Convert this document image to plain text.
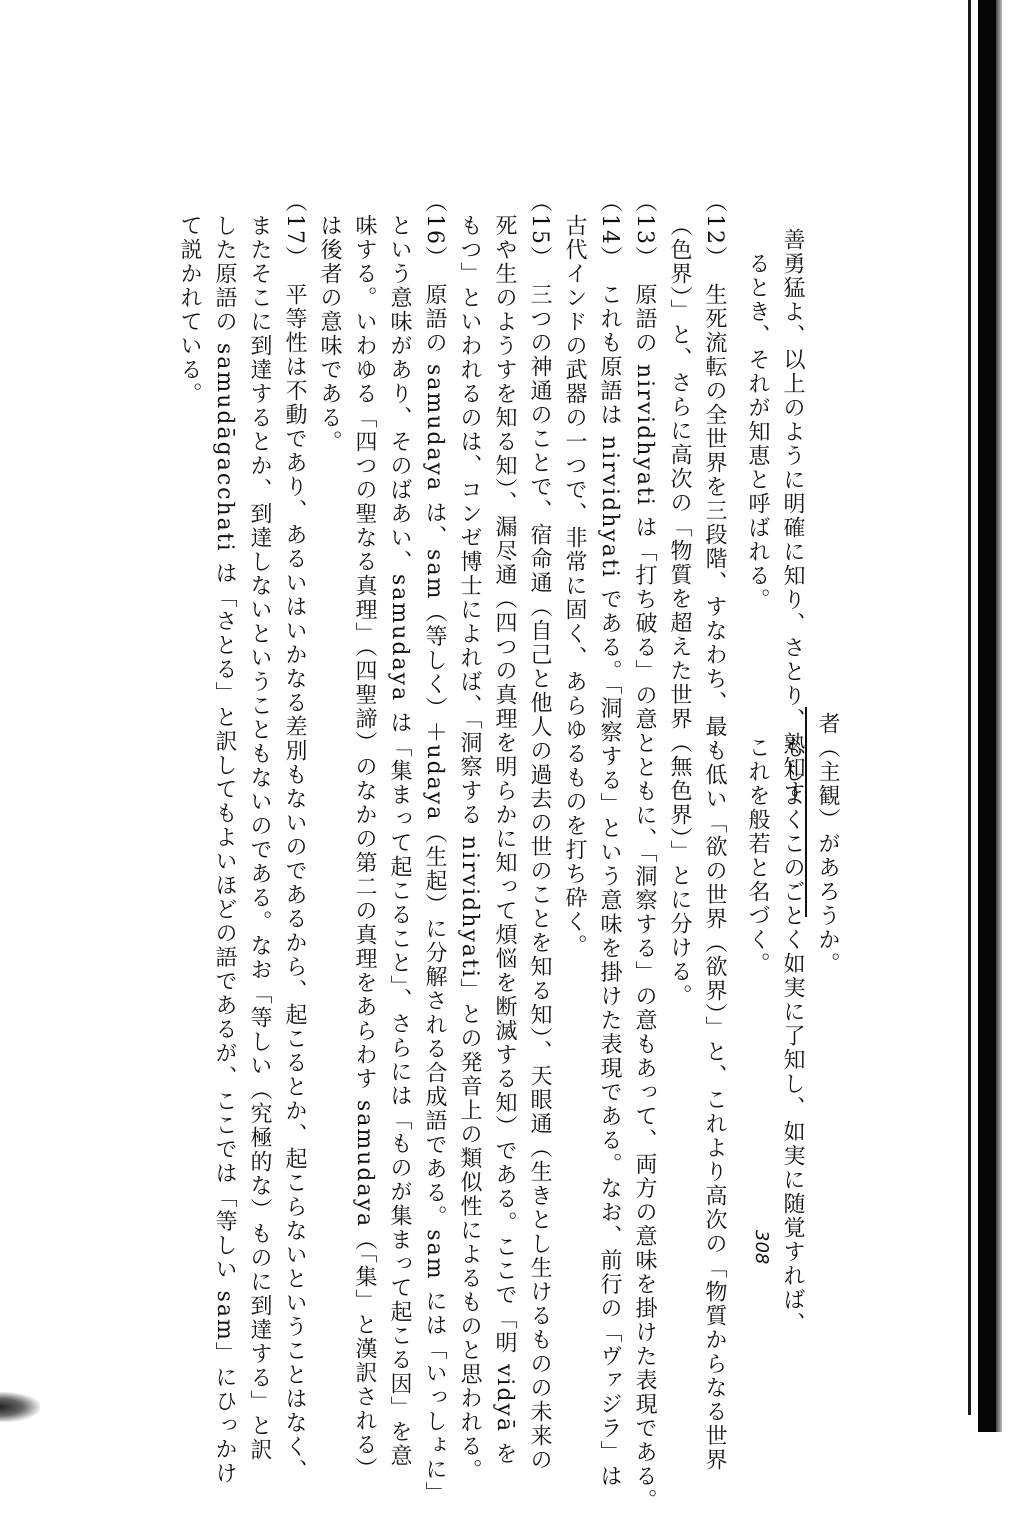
308
者（主観）があろうか。
もしよくこのごとく如実に了知し、如実に随覚すれば、
これを般若と名づく。
善勇猛よ、以上のように明確に知り、さとり、熟知す
るとき、それが知恵と呼ばれる。
（12）　生死流転の全世界を三段階、すなわち、最も低い「欲の世界（欲界）」と、これより高次の「物質からなる世界
（色界）」と、さらに高次の「物質を超えた世界（無色界）」とに分ける。
（13）　原語の nirvidhyati は「打ち破る」の意とともに、「洞察する」の意もあって、両方の意味を掛けた表現である。
（14）　これも原語は nirvidhyati である。「洞察する」という意味を掛けた表現である。なお、前行の「ヴァジラ」は
古代インドの武器の一つで、非常に固く、あらゆるものを打ち砕く。
（15）　三つの神通のことで、宿命通（自己と他人の過去の世のことを知る知）、天眼通（生きとし生けるものの未来の
死や生のようすを知る知）、漏尽通（四つの真理を明らかに知って煩悩を断滅する知）である。ここで「明 vidyā を
もつ」といわれるのは、コンゼ博士によれば、「洞察する nirvidhyati」との発音上の類似性によるものと思われる。
（16）　原語の samudaya は、sam（等しく）＋udaya（生起）に分解される合成語である。sam には「いっしょに」
という意味があり、そのばあい、samudaya は「集まって起こること」、さらには「ものが集まって起こる因」を意
味する。いわゆる「四つの聖なる真理」（四聖諦）のなかの第二の真理をあらわす samudaya（「集」と漢訳される）
は後者の意味である。
（17）　平等性は不動であり、あるいはいかなる差別もないのであるから、起こるとか、起こらないということはなく、
またそこに到達するとか、到達しないということもないのである。なお「等しい（究極的な）ものに到達する」と訳
した原語の samudāgacchati は「さとる」と訳してもよいほどの語であるが、ここでは「等しい sam」にひっかけ
て説かれている。
